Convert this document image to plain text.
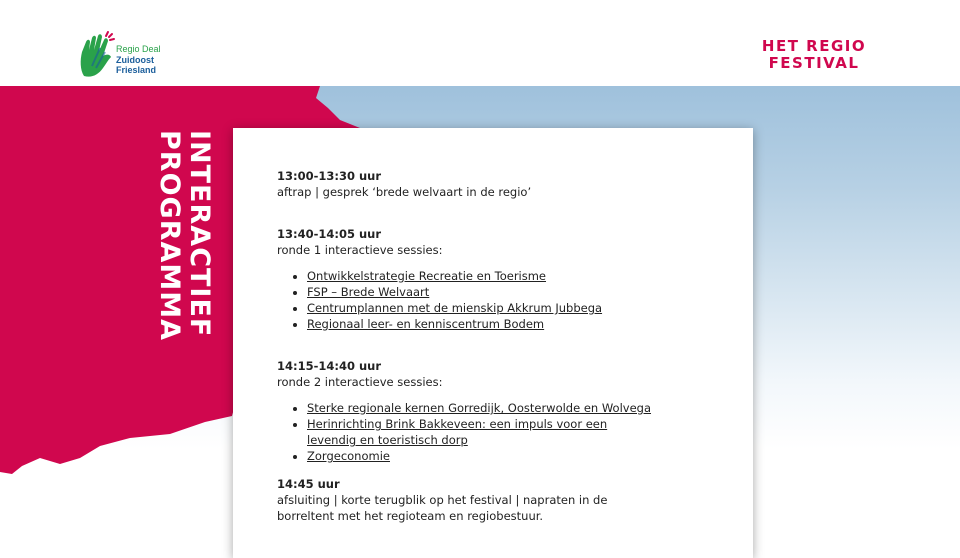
Regio Deal
Zuidoost
Friesland
HET REGIO
FESTIVAL
INTERACTIEF
PROGRAMMA	13:00-13:30 uur
aftrap | gesprek ‘brede welvaart in de regio’
13:40-14:05 uur
ronde 1 interactieve sessies:
• Ontwikkelstrategie Recreatie en Toerisme
• FSP – Brede Welvaart
• Centrumplannen met de mienskip Akkrum Jubbega
• Regionaal leer- en kenniscentrum Bodem
14:15-14:40 uur
ronde 2 interactieve sessies:
• Sterke regionale kernen Gorredijk, Oosterwolde en Wolvega
• Herinrichting Brink Bakkeveen: een impuls voor een levendig en toeristisch dorp
• Zorgeconomie
14:45 uur
afsluiting | korte terugblik op het festival | napraten in de borreltent met het regioteam en regiobestuur.
